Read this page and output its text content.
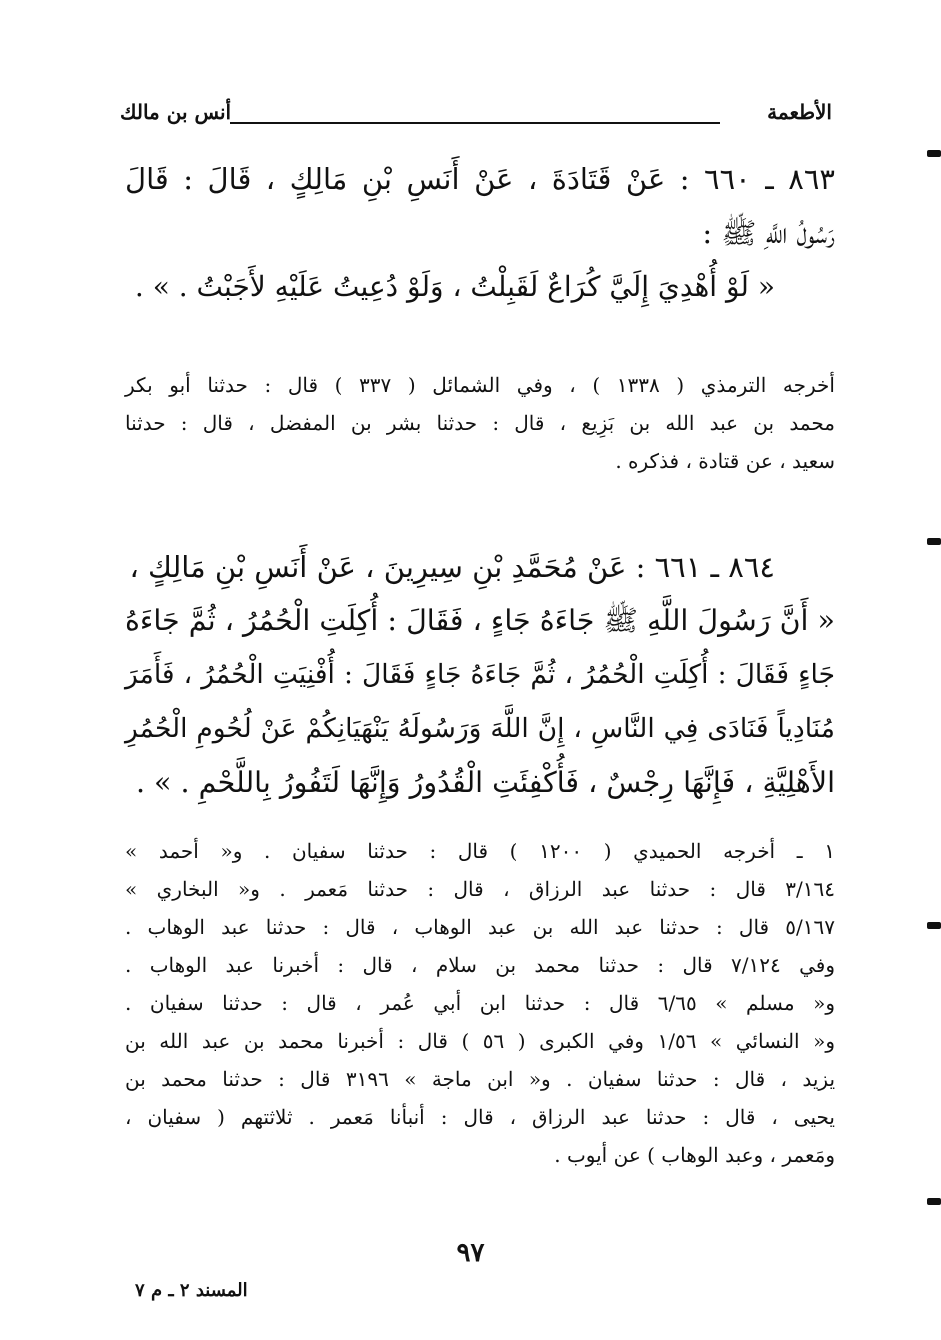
الأطعمة
أنس بن مالك

٨٦٣ ـ ٦٦٠ : عَنْ قَتَادَةَ ، عَنْ أَنَسِ بْنِ مَالِكٍ ، قَالَ : قَالَ

رَسُولُ اللَّهِ ﷺ :

« لَوْ أُهْدِيَ إِلَيَّ كُرَاعٌ لَقَبِلْتُ ، وَلَوْ دُعِيتُ عَلَيْهِ لأَجَبْتُ . » .

أخرجه الترمذي ( ١٣٣٨ ) ، وفي الشمائل ( ٣٣٧ ) قال : حدثنا أبو بكر

محمد بن عبد الله بن بَزِيع ، قال : حدثنا بشر بن المفضل ، قال : حدثنا

سعيد ، عن قتادة ، فذكره .

٨٦٤ ـ ٦٦١ : عَنْ مُحَمَّدِ بْنِ سِيرِينَ ، عَنْ أَنَسِ بْنِ مَالِكٍ ،

« أَنَّ رَسُولَ اللَّهِ ﷺ جَاءَهُ جَاءٍ ، فَقَالَ : أُكِلَتِ الْحُمُرُ ، ثُمَّ جَاءَهُ

جَاءٍ فَقَالَ : أُكِلَتِ الْحُمُرُ ، ثُمَّ جَاءَهُ جَاءٍ فَقَالَ : أُفْنِيَتِ الْحُمُرُ ، فَأَمَرَ

مُنَادِياً فَنَادَى فِي النَّاسِ ، إِنَّ اللَّهَ وَرَسُولَهُ يَنْهَيَانِكُمْ عَنْ لُحُومِ الْحُمُرِ

الأَهْلِيَّةِ ، فَإِنَّهَا رِجْسٌ ، فَأُكْفِئَتِ الْقُدُورُ وَإِنَّهَا لَتَفُورُ بِاللَّحْمِ . » .

١ ـ أخرجه الحميدي ( ١٢٠٠ ) قال : حدثنا سفيان . و« أحمد »

٣/١٦٤ قال : حدثنا عبد الرزاق ، قال : حدثنا مَعمر . و« البخاري »

٥/١٦٧ قال : حدثنا عبد الله بن عبد الوهاب ، قال : حدثنا عبد الوهاب .

وفي ٧/١٢٤ قال : حدثنا محمد بن سلام ، قال : أخبرنا عبد الوهاب .

و« مسلم » ٦/٦٥ قال : حدثنا ابن أبي عُمر ، قال : حدثنا سفيان .

و« النسائي » ١/٥٦ وفي الكبرى ( ٥٦ ) قال : أخبرنا محمد بن عبد الله بن

يزيد ، قال : حدثنا سفيان . و« ابن ماجة » ٣١٩٦ قال : حدثنا محمد بن

يحيى ، قال : حدثنا عبد الرزاق ، قال : أنبأنا مَعمر . ثلاثتهم ( سفيان ،

ومَعمر ، وعبد الوهاب ) عن أيوب .

٩٧
المسند ٢ ـ م ٧
